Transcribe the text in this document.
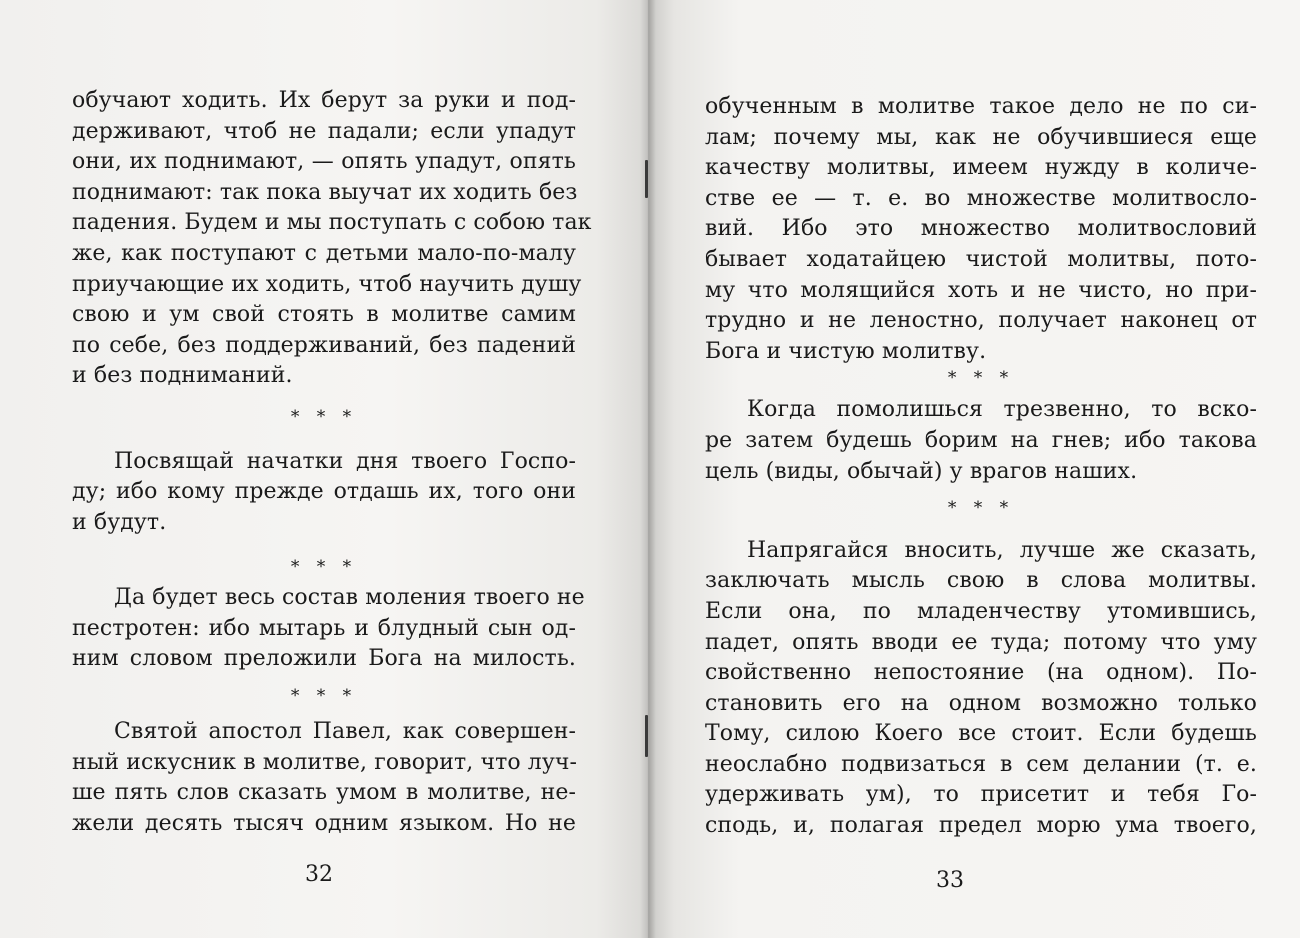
обучают ходить. Их берут за руки и под-
держивают, чтоб не падали; если упадут
они, их поднимают, — опять упадут, опять
поднимают: так пока выучат их ходить без
падения. Будем и мы поступать с собою так
же, как поступают с детьми мало-по-малу
приучающие их ходить, чтоб научить душу
свою и ум свой стоять в молитве самим
по себе, без поддерживаний, без падений
и без подниманий.
* * *
Посвящай начатки дня твоего Госпо-
ду; ибо кому прежде отдашь их, того они
и будут.
* * *
Да будет весь состав моления твоего не
пестротен: ибо мытарь и блудный сын од-
ним словом преложили Бога на милость.
* * *
Святой апостол Павел, как совершен-
ный искусник в молитве, говорит, что луч-
ше пять слов сказать умом в молитве, не-
жели десять тысяч одним языком. Но не
32
обученным в молитве такое дело не по си-
лам; почему мы, как не обучившиеся еще
качеству молитвы, имеем нужду в количе-
стве ее — т. е. во множестве молитвосло-
вий. Ибо это множество молитвословий
бывает ходатайцею чистой молитвы, пото-
му что молящийся хоть и не чисто, но при-
трудно и не леностно, получает наконец от
Бога и чистую молитву.
* * *
Когда помолишься трезвенно, то вско-
ре затем будешь борим на гнев; ибо такова
цель (виды, обычай) у врагов наших.
* * *
Напрягайся вносить, лучше же сказать,
заключать мысль свою в слова молитвы.
Если она, по младенчеству утомившись,
падет, опять вводи ее туда; потому что уму
свойственно непостояние (на одном). По-
становить его на одном возможно только
Тому, силою Коего все стоит. Если будешь
неослабно подвизаться в сем делании (т. е.
удерживать ум), то присетит и тебя Го-
сподь, и, полагая предел морю ума твоего,
33
